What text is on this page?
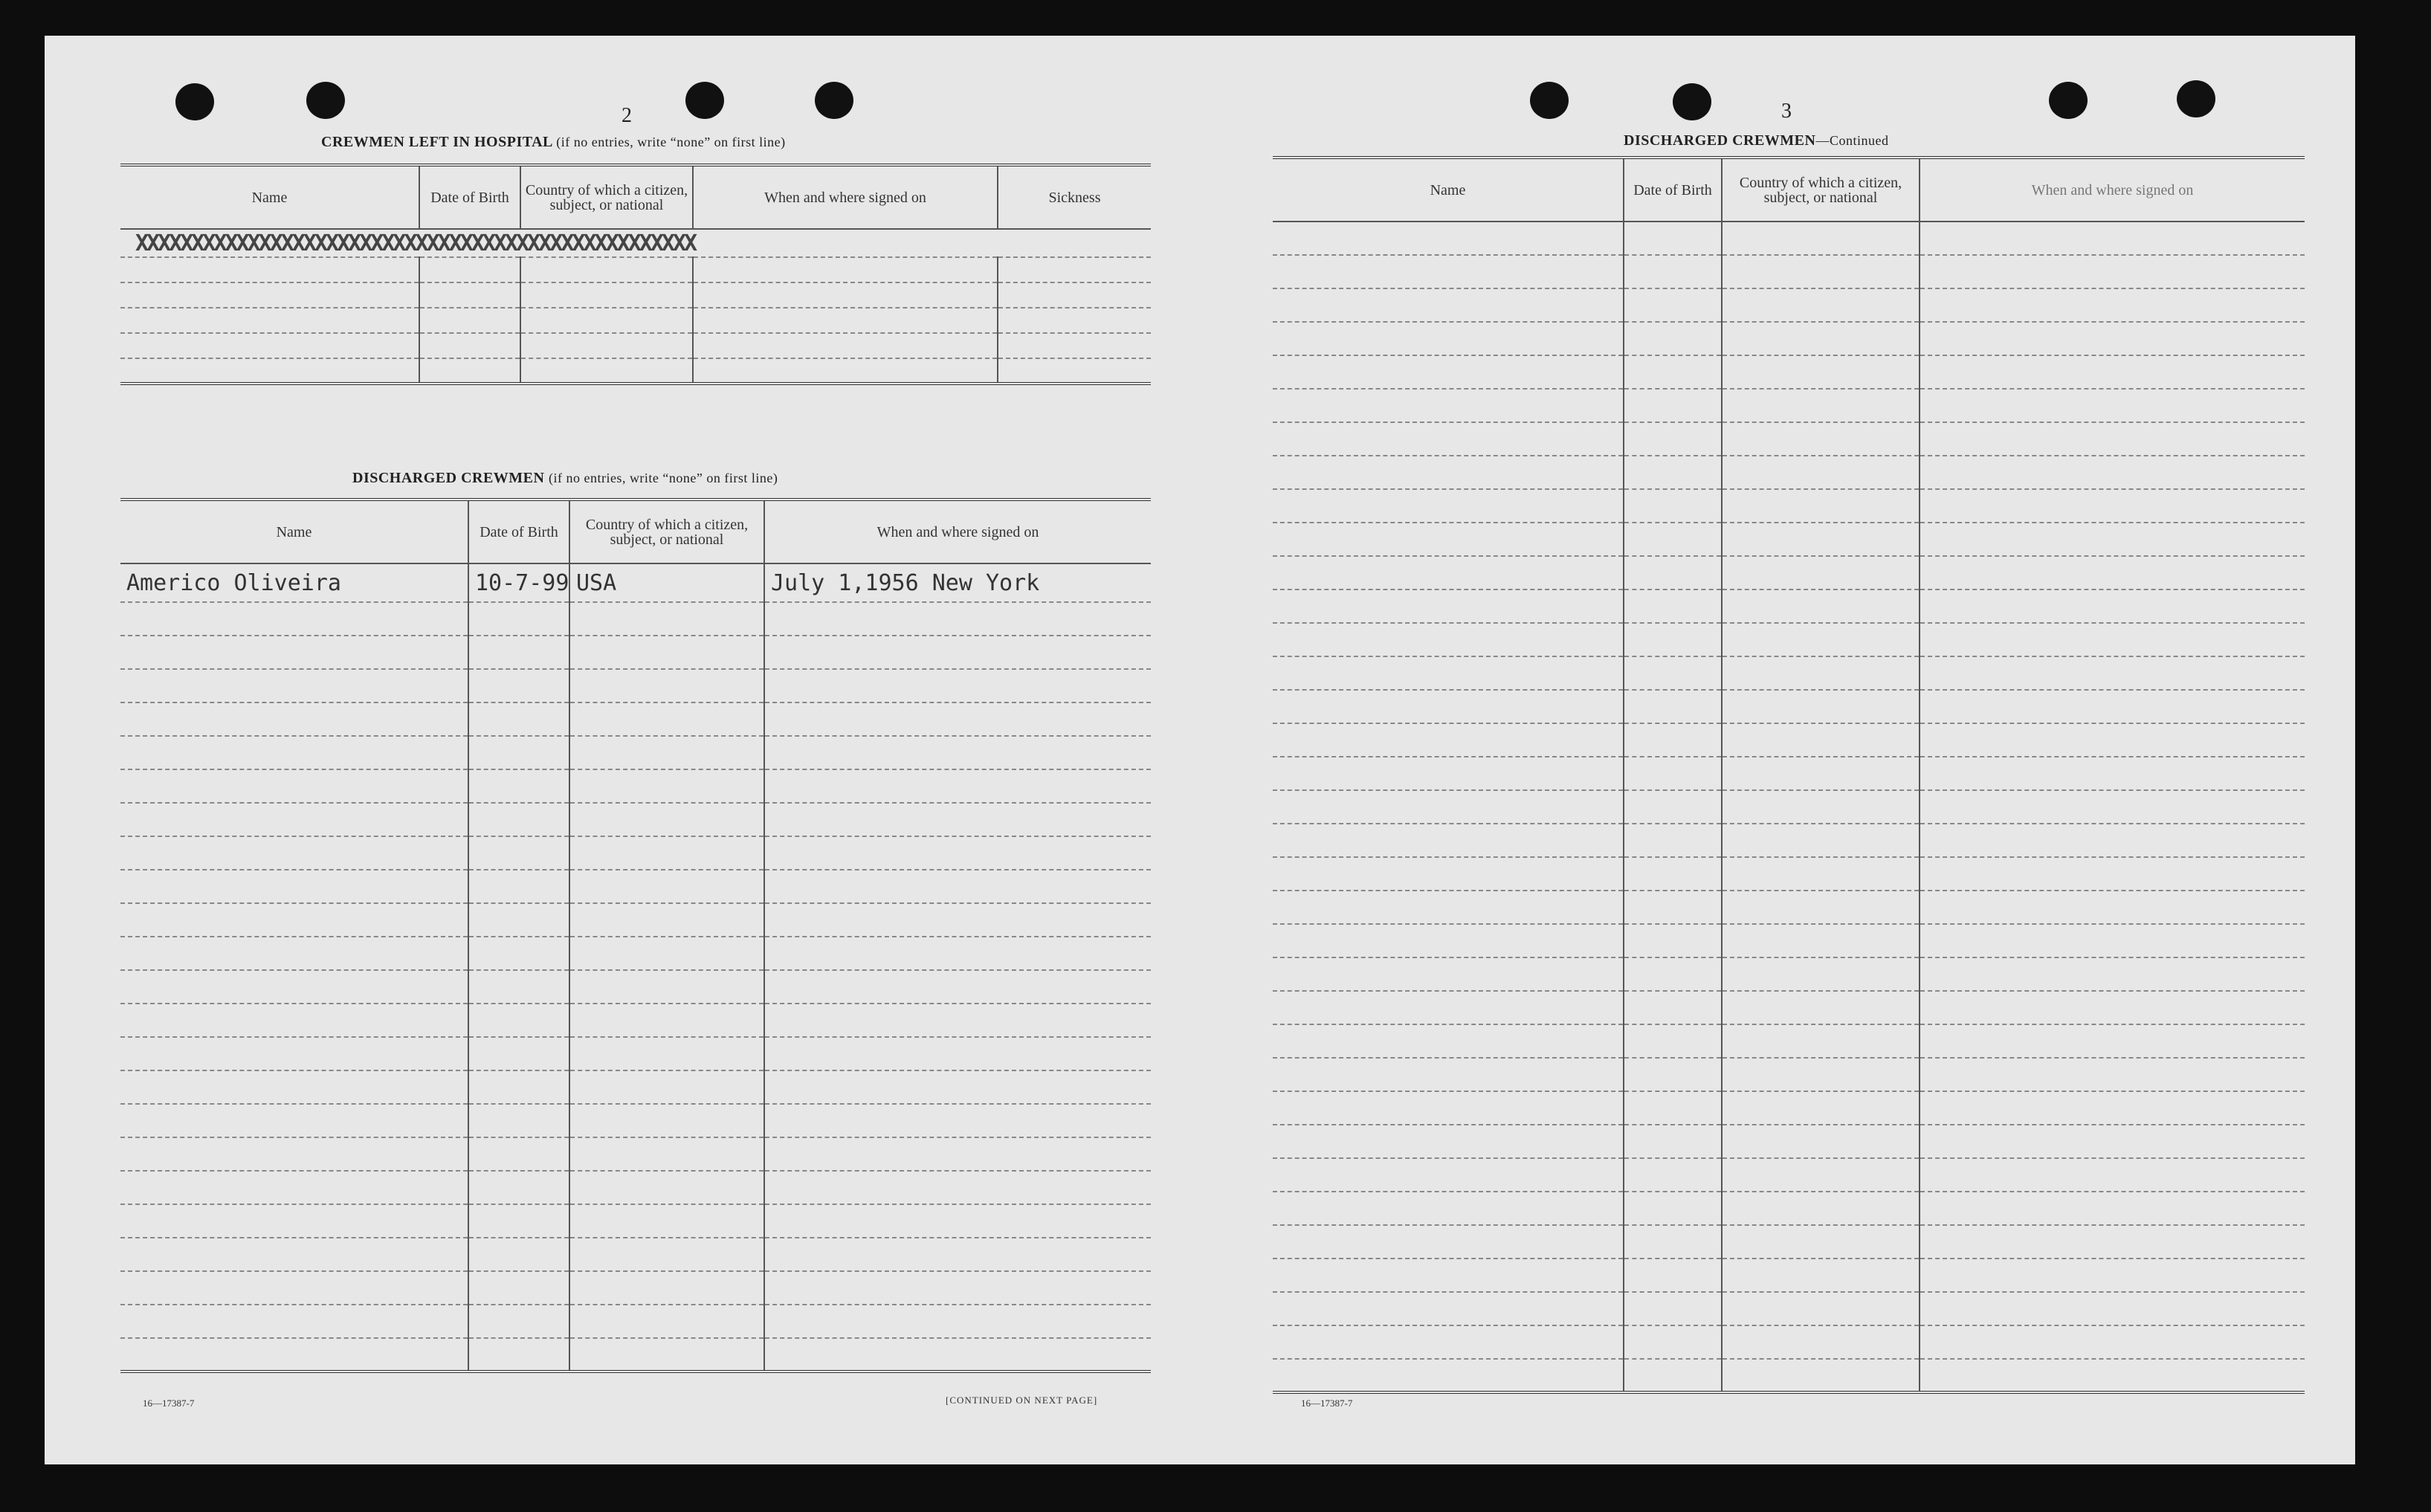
2
CREWMEN LEFT IN HOSPITAL (if no entries, write “none” on first line)
Name	Date of Birth	Country of which a citizen, subject, or national	When and where signed on	Sickness
XXXXXXXXXXXXXXXXXXXXXXXXXXXXXXXXXXXXXXXXXXXXXXXXXX				

DISCHARGED CREWMEN (if no entries, write “none” on first line)
Name	Date of Birth	Country of which a citizen, subject, or national	When and where signed on
Americo Oliveira	10-7-99	USA	July 1,1956 New York

16—17387-7	[CONTINUED ON NEXT PAGE]
3
DISCHARGED CREWMEN—Continued
Name	Date of Birth	Country of which a citizen, subject, or national	When and where signed on

16—17387-7
